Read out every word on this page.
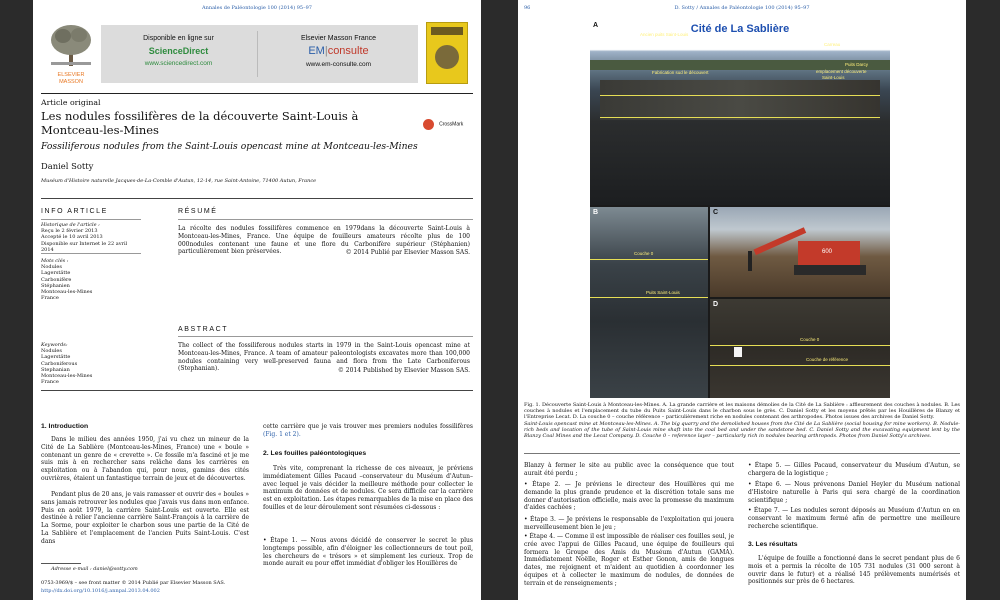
Annales de Paléontologie 100 (2014) 95–97
ELSEVIER
MASSON
Disponible en ligne sur
ScienceDirect
www.sciencedirect.com
Elsevier Masson France
EM|consulte
www.em-consulte.com
Article original
Les nodules fossilifères de la découverte Saint-Louis à Montceau-les-Mines	CrossMark
Fossiliferous nodules from the Saint-Louis opencast mine at Montceau-les-Mines
Daniel Sotty
Muséum d'Histoire naturelle Jacques-de-La-Comble d'Autun, 12-14, rue Saint-Antoine, 71400 Autun, France
INFO ARTICLE
Historique de l'article :
Reçu le 2 février 2013
Accepté le 10 avril 2013
Disponible sur Internet le 22 avril 2014
Mots clés :
Nodules
Lagerstätte
Carbonifère
Stéphanien
Montceau-les-Mines
France
Keywords:
Nodules
Lagerstätte
Carboniferous
Stephanian
Montceau-les-Mines
France
RÉSUMÉ
La récolte des nodules fossilifères commence en 1979dans la découverte Saint-Louis à Montceau-les-Mines, France. Une équipe de fouilleurs amateurs récolte plus de 100 000nodules contenant une faune et une flore du Carbonifère supérieur (Stéphanien) particulièrement bien préservées.	© 2014 Publié par Elsevier Masson SAS.
ABSTRACT
The collect of the fossiliferous nodules starts in 1979 in the Saint-Louis opencast mine at Montceau-les-Mines, France. A team of amateur paleontologists excavates more than 100,000 nodules containing very well-preserved fauna and flora from the Late Carboniferous (Stephanian).	© 2014 Published by Elsevier Masson SAS.
1. Introduction
Dans le milieu des années 1950, j'ai vu chez un mineur de la Cité de La Sablière (Montceau-les-Mines, France) une « boule » contenant un genre de « crevette ». Ce fossile m'a fasciné et je me suis mis à en rechercher sans relâche dans les carrières en exploitation ou à l'abandon qui, pour nous, gamins des cités ouvrières, étaient un fantastique terrain de jeux et de découvertes.
Pendant plus de 20 ans, je vais ramasser et ouvrir des « boules » sans jamais retrouver les nodules que j'avais vus dans mon enfance. Puis en août 1979, la carrière Saint-Louis est ouverte. Elle est destinée à relier l'ancienne carrière Saint-François à la carrière de La Sorme, pour exploiter le charbon sous une partie de la Cité de La Sablière et l'emplacement de l'ancien Puits Saint-Louis. C'est dans
Adresse e-mail : daniel@sotty.com
0753-3969/$ – see front matter © 2014 Publié par Elsevier Masson SAS.
http://dx.doi.org/10.1016/j.annpal.2013.04.002
cette carrière que je vais trouver mes premiers nodules fossilifères (Fig. 1 et 2).
2. Les fouilles paléontologiques
Très vite, comprenant la richesse de ces niveaux, je préviens immédiatement Gilles Pacaud –conservateur du Muséum d'Autun– avec lequel je vais décider la meilleure méthode pour collecter le maximum de données et de nodules. Ce sera difficile car la carrière est en exploitation. Les étapes remarquables de la mise en place des fouilles et de leur déroulement sont résumées ci-dessous :
• Étape 1. — Nous avons décidé de conserver le secret le plus longtemps possible, afin d'éloigner les collectionneurs de tout poil, les chercheurs de « trésors » et simplement les curieux. Trop de monde aurait eu pour effet immédiat d'obliger les Houillères de
96	D. Sotty / Annales de Paléontologie 100 (2014) 95–97
Cité de La Sablière
A
Ancien puits Saint-Louis
Fabrication sud le découvert
Puits Darcy
Carreau
emplacement découverte
Saint-Louis
B
Couche 0
Puits Saint-Louis
C
600
D
Couche 0
Couche de référence
Fig. 1. Découverte Saint-Louis à Montceau-les-Mines. A. La grande carrière et les maisons démolies de la Cité de La Sablière : affleurement des couches à nodules. B. Les couches à nodules et l'emplacement du tube du Puits Saint-Louis dans le charbon sous le grès. C. Daniel Sotty et les moyens prêtés par les Houillères de Blanzy et l'Entreprise Lecat. D. La couche 0 – couche référence – particulièrement riche en nodules contenant des arthropodes. Photos issues des archives de Daniel Sotty.
Saint-Louis opencast mine at Montceau-les-Mines. A. The big quarry and the demolished houses from the Cité de La Sablière (social housing for mine workers). B. Nodule-rich beds and location of the tube of Saint-Louis mine shaft into the coal bed and under the sandstone bed. C. Daniel Sotty and the excavating equipment lent by the Blanzy Coal Mines and the Lecat Company. D. Couche 0 – reference layer – particularly rich in nodules bearing arthropods. Photos from Daniel Sotty's archives.
Blanzy à fermer le site au public avec la conséquence que tout aurait été perdu ;
• Étape 2. — Je préviens le directeur des Houillères qui me demande la plus grande prudence et la discrétion totale sans me donner d'autorisation officielle, mais avec la promesse du maximum d'aides cachées ;
• Étape 3. — Je préviens le responsable de l'exploitation qui jouera merveilleusement bien le jeu ;
• Étape 4. — Comme il est impossible de réaliser ces fouilles seul, je crée avec l'appui de Gilles Pacaud, une équipe de fouilleurs qui formera le Groupe des Amis du Muséum d'Autun (GAMA). Immédiatement Noëlle, Roger et Esther Gonon, amis de longues dates, me rejoignent et m'aident au quotidien à coordonner les équipes et à collecter le maximum de nodules, de données de terrain et de renseignements ;
• Étape 5. — Gilles Pacaud, conservateur du Muséum d'Autun, se chargera de la logistique ;
• Étape 6. — Nous prévenons Daniel Heyler du Muséum national d'Histoire naturelle à Paris qui sera chargé de la coordination scientifique ;
• Étape 7. — Les nodules seront déposés au Muséum d'Autun en en conservant le maximum fermé afin de permettre une meilleure recherche scientifique.
3. Les résultats
L'équipe de fouille a fonctionné dans le secret pendant plus de 6 mois et a permis la récolte de 105 731 nodules (31 000 seront à ouvrir dans le futur) et a réalisé 145 prélèvements numérisés et positionnés sur près de 6 hectares.
